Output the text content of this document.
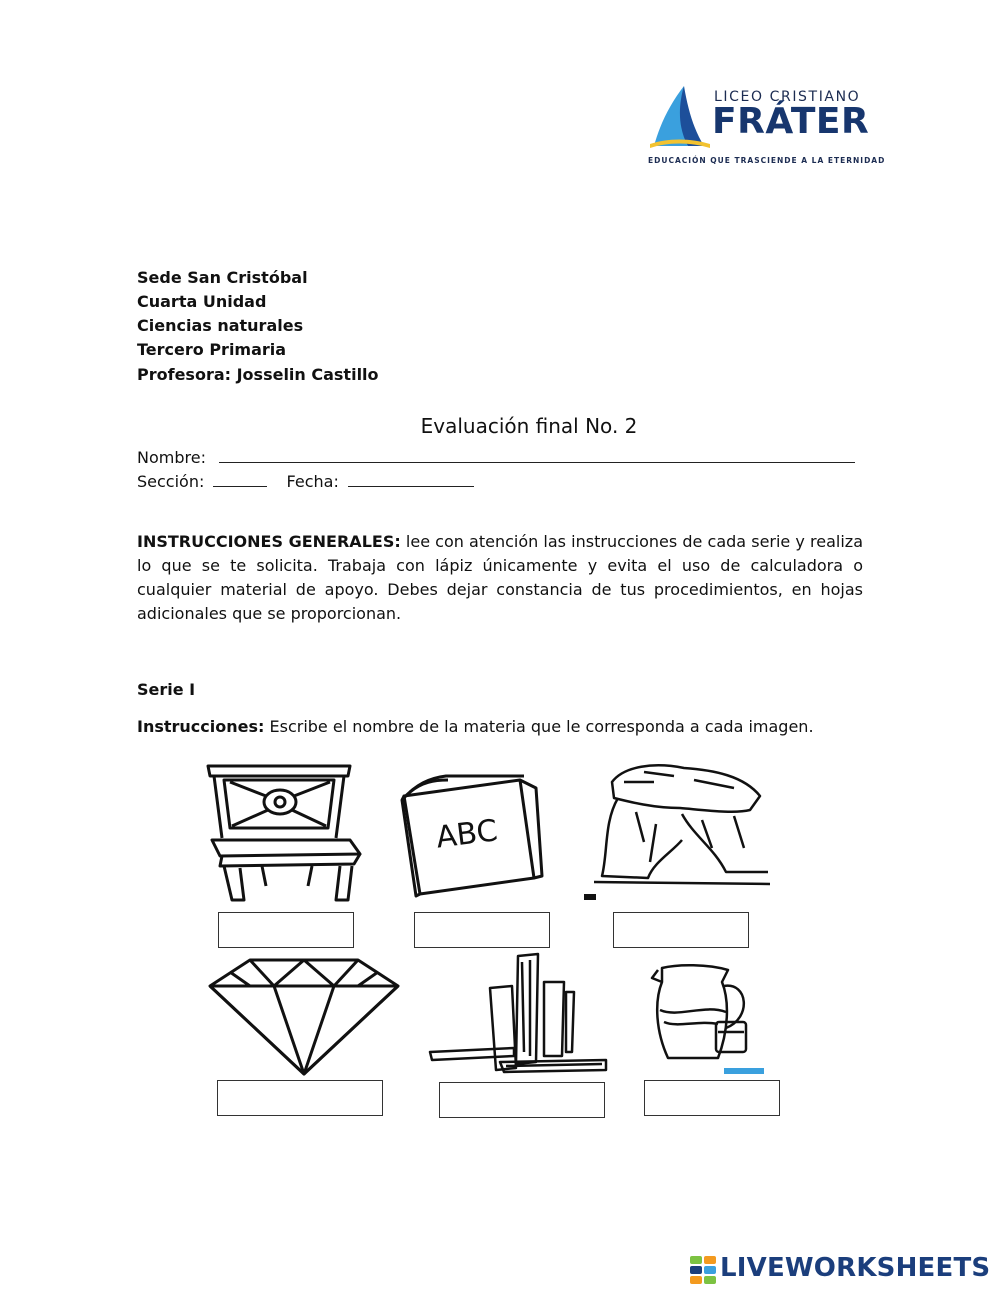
LICEO CRISTIANO
FRÁTER
EDUCACIÓN QUE TRASCIENDE A LA ETERNIDAD
Sede San Cristóbal
Cuarta Unidad
Ciencias naturales
Tercero Primaria
Profesora: Josselin Castillo
Evaluación final No. 2
Nombre:
Sección:	Fecha:
INSTRUCCIONES GENERALES: lee con atención las instrucciones de cada serie y realiza lo que se te solicita. Trabaja con lápiz únicamente y evita el uso de calculadora o cualquier material de apoyo. Debes dejar constancia de tus procedimientos, en hojas adicionales que se proporcionan.
Serie I
Instrucciones: Escribe el nombre de la materia que le corresponda a cada imagen.
ABC
LIVEWORKSHEETS
